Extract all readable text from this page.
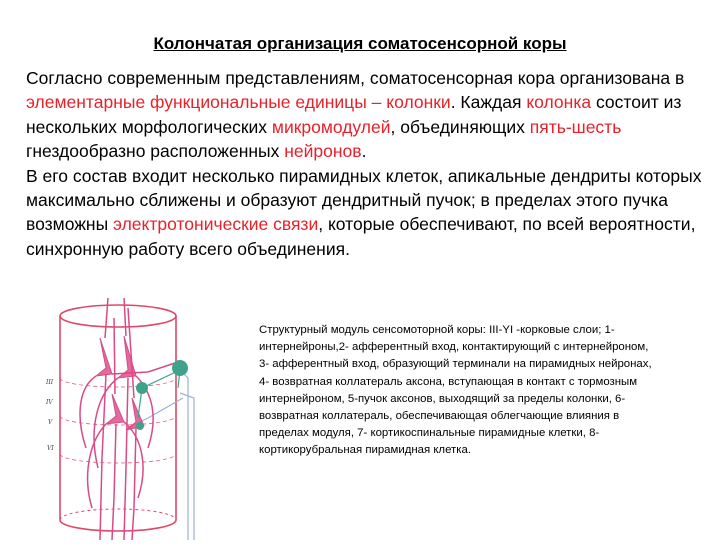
Колончатая организация соматосенсорной коры

Согласно современным представлениям, соматосенсорная кора организована в элементарные функциональные единицы – колонки. Каждая колонка состоит из нескольких морфологических микромодулей, объединяющих пять-шесть гнездообразно расположенных нейронов.

В его состав входит несколько пирамидных клеток, апикальные дендриты которых максимально сближены и образуют дендритный пучок; в пределах этого пучка возможны электротонические связи, которые обеспечивают, по всей вероятности, синхронную работу всего объединения.

III
IV
V
VI
Структурный модуль сенсомоторной коры: III-YI -корковые слои; 1-интернейроны,2- афферентный вход, контактирующий с интернейроном, 3- афферентный вход, образующий терминали на пирамидных нейронах, 4- возвратная коллатераль аксона, вступающая в контакт с тормозным интернейроном, 5-пучок аксонов, выходящий за пределы колонки, 6- возвратная коллатераль, обеспечивающая облегчающие влияния в пределах модуля, 7- кортикоспинальные пирамидные клетки, 8- кортикорубральная пирамидная клетка.
